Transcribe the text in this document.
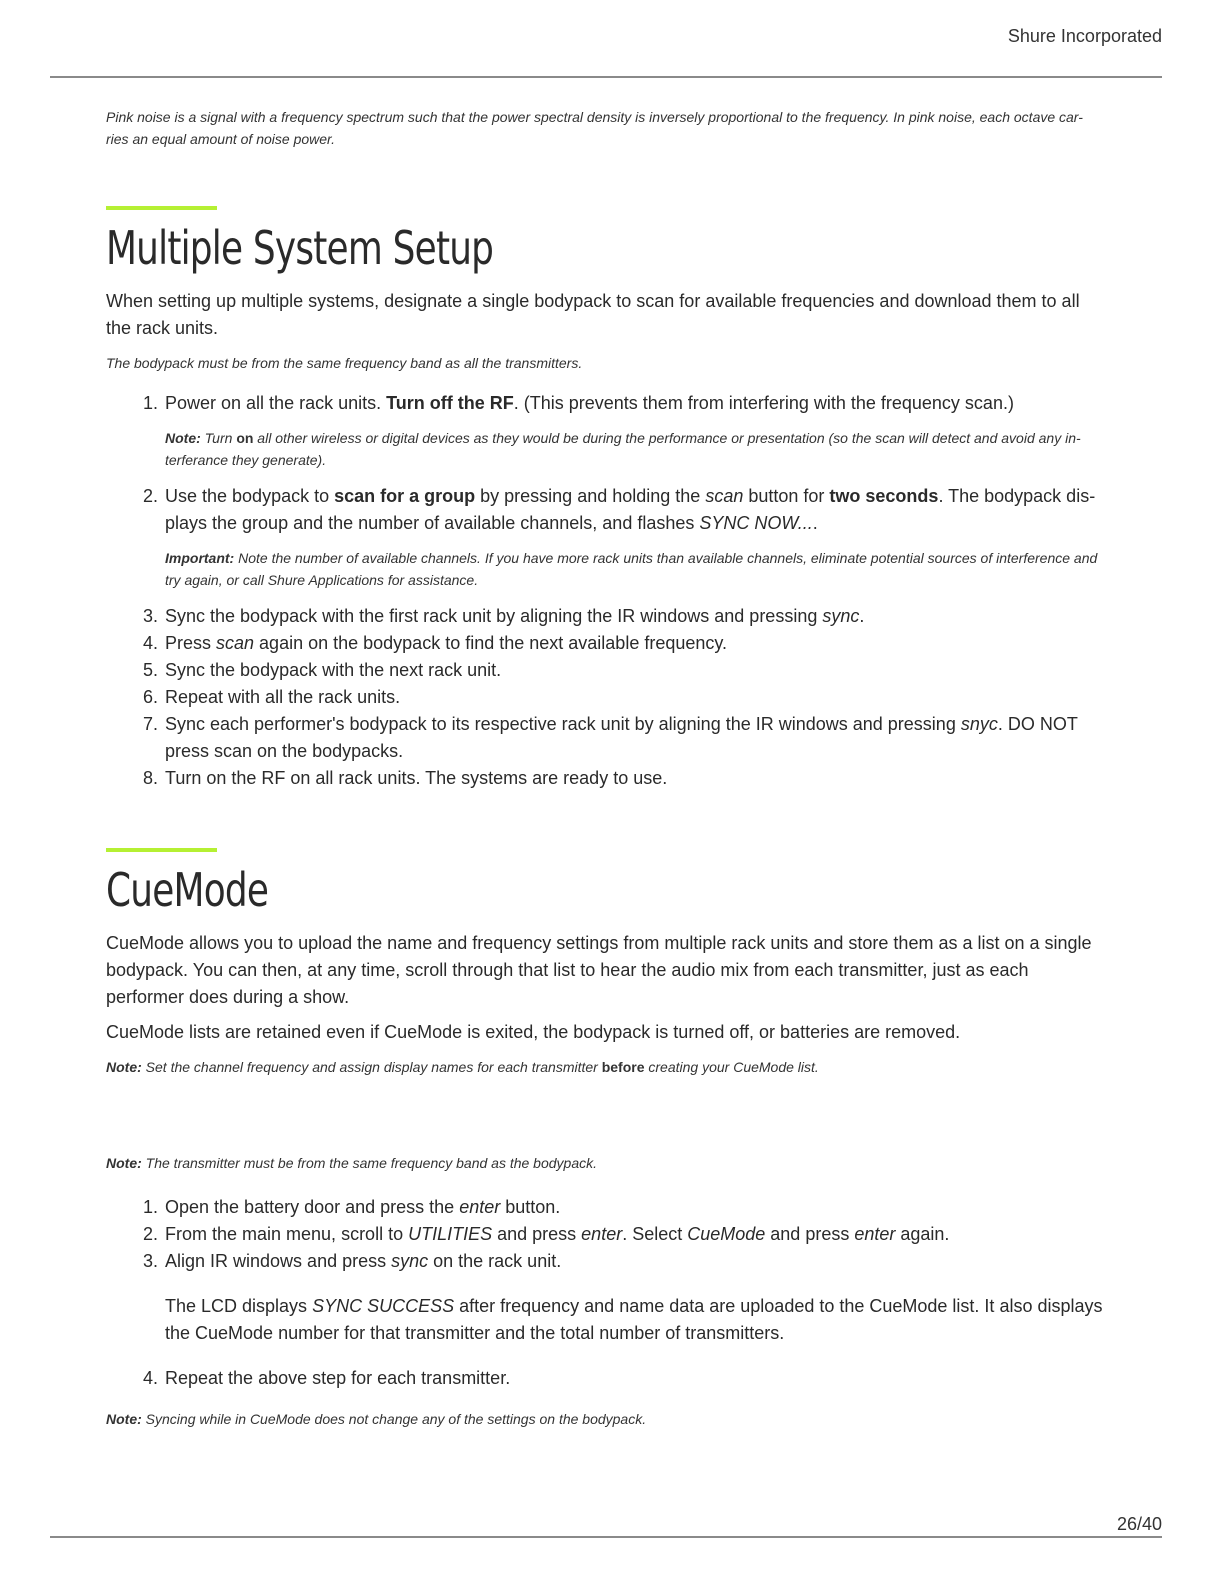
Shure Incorporated

Pink noise is a signal with a frequency spectrum such that the power spectral density is inversely proportional to the frequency. In pink noise, each octave car-
ries an equal amount of noise power.

Multiple System Setup

When setting up multiple systems, designate a single bodypack to scan for available frequencies and download them to all the rack units.

The bodypack must be from the same frequency band as all the transmitters.

1. Power on all the rack units. Turn off the RF. (This prevents them from interfering with the frequency scan.)

Note: Turn on all other wireless or digital devices as they would be during the performance or presentation (so the scan will detect and avoid any in-terferance they generate).

2. Use the bodypack to scan for a group by pressing and holding the scan button for two seconds. The bodypack dis-plays the group and the number of available channels, and flashes SYNC NOW....

Important: Note the number of available channels. If you have more rack units than available channels, eliminate potential sources of interference and try again, or call Shure Applications for assistance.

3. Sync the bodypack with the first rack unit by aligning the IR windows and pressing sync.
4. Press scan again on the bodypack to find the next available frequency.
5. Sync the bodypack with the next rack unit.
6. Repeat with all the rack units.
7. Sync each performer's bodypack to its respective rack unit by aligning the IR windows and pressing snyc. DO NOT press scan on the bodypacks.
8. Turn on the RF on all rack units. The systems are ready to use.
CueMode

CueMode allows you to upload the name and frequency settings from multiple rack units and store them as a list on a single bodypack. You can then, at any time, scroll through that list to hear the audio mix from each transmitter, just as each performer does during a show.

CueMode lists are retained even if CueMode is exited, the bodypack is turned off, or batteries are removed.

Note: Set the channel frequency and assign display names for each transmitter before creating your CueMode list.

Note: The transmitter must be from the same frequency band as the bodypack.

1. Open the battery door and press the enter button.
2. From the main menu, scroll to UTILITIES and press enter. Select CueMode and press enter again.
3. Align IR windows and press sync on the rack unit.

The LCD displays SYNC SUCCESS after frequency and name data are uploaded to the CueMode list. It also displays the CueMode number for that transmitter and the total number of transmitters.

4. Repeat the above step for each transmitter.

Note: Syncing while in CueMode does not change any of the settings on the bodypack.

26/40
